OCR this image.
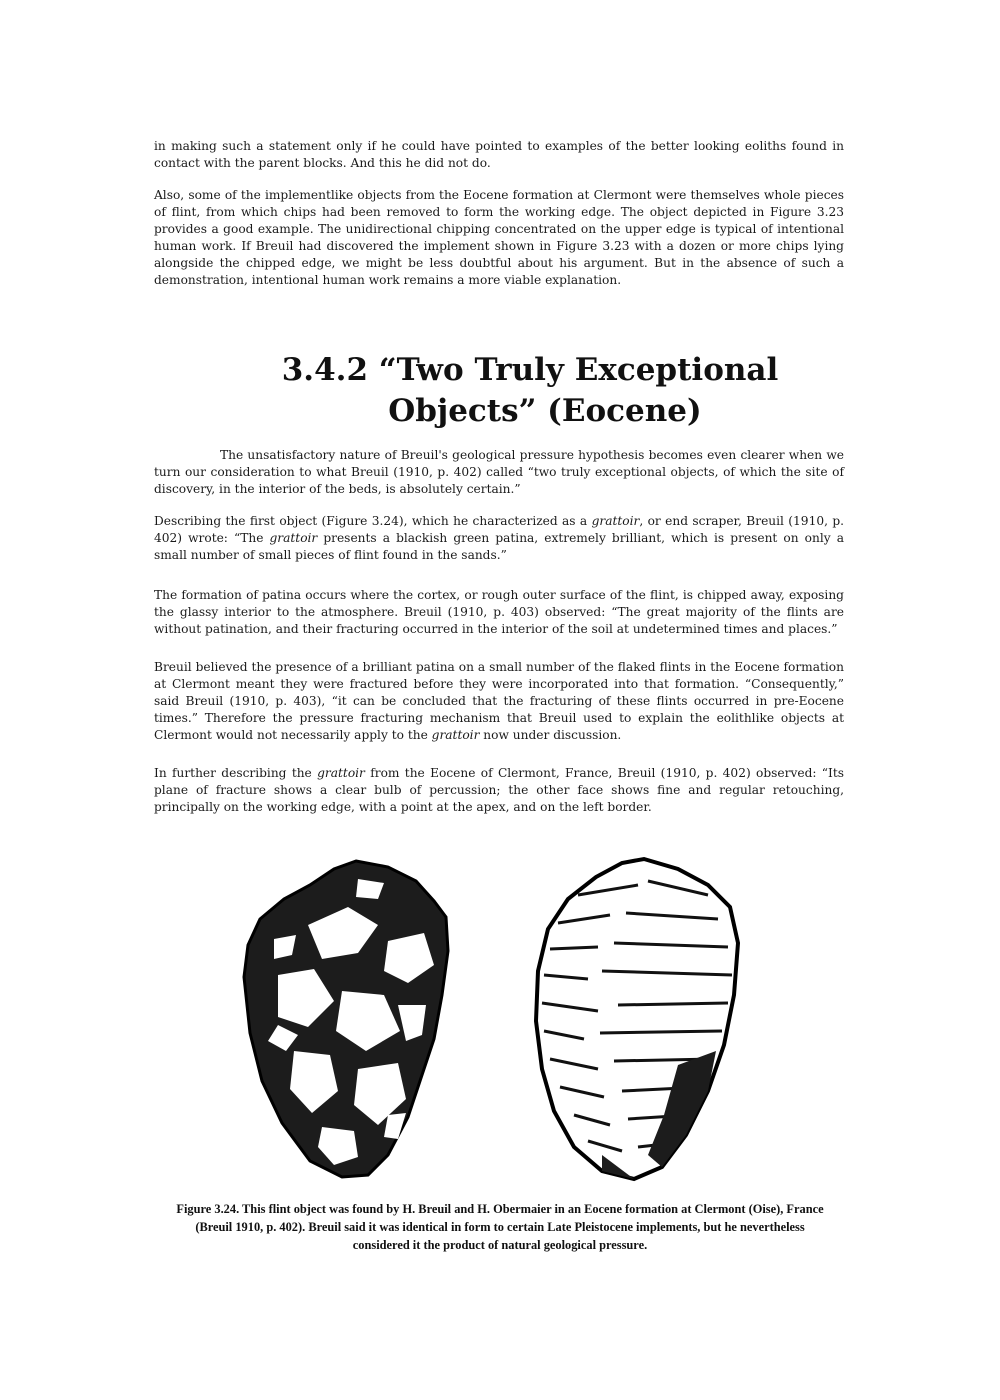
in making such a statement only if he could have pointed to examples of the better looking eoliths found in contact with the parent blocks. And this he did not do.

Also, some of the implementlike objects from the Eocene formation at Clermont were themselves whole pieces of flint, from which chips had been removed to form the working edge. The object depicted in Figure 3.23 provides a good example. The unidirectional chipping concentrated on the upper edge is typical of intentional human work. If Breuil had discovered the implement shown in Figure 3.23 with a dozen or more chips lying alongside the chipped edge, we might be less doubtful about his argument. But in the absence of such a demonstration, intentional human work remains a more viable explanation.

3.4.2 “Two Truly Exceptional
Objects” (Eocene)

The unsatisfactory nature of Breuil's geological pressure hypothesis becomes even clearer when we turn our consideration to what Breuil (1910, p. 402) called “two truly exceptional objects, of which the site of discovery, in the interior of the beds, is absolutely certain.”

Describing the first object (Figure 3.24), which he characterized as a grattoir, or end scraper, Breuil (1910, p. 402) wrote: “The grattoir presents a blackish green patina, extremely brilliant, which is present on only a small number of small pieces of flint found in the sands.”

The formation of patina occurs where the cortex, or rough outer surface of the flint, is chipped away, exposing the glassy interior to the atmosphere. Breuil (1910, p. 403) observed: “The great majority of the flints are without patination, and their fracturing occurred in the interior of the soil at undetermined times and places.”

Breuil believed the presence of a brilliant patina on a small number of the flaked flints in the Eocene formation at Clermont meant they were fractured before they were incorporated into that formation. “Consequently,” said Breuil (1910, p. 403), “it can be concluded that the fracturing of these flints occurred in pre-Eocene times.” Therefore the pressure fracturing mechanism that Breuil used to explain the eolithlike objects at Clermont would not necessarily apply to the grattoir now under discussion.

In further describing the grattoir from the Eocene of Clermont, France, Breuil (1910, p. 402) observed: “Its plane of fracture shows a clear bulb of percussion; the other face shows fine and regular retouching, principally on the working edge, with a point at the apex, and on the left border.

Figure 3.24. This flint object was found by H. Breuil and H. Obermaier in an Eocene formation at Clermont (Oise), France (Breuil 1910, p. 402). Breuil said it was identical in form to certain Late Pleistocene implements, but he nevertheless considered it the product of natural geological pressure.
